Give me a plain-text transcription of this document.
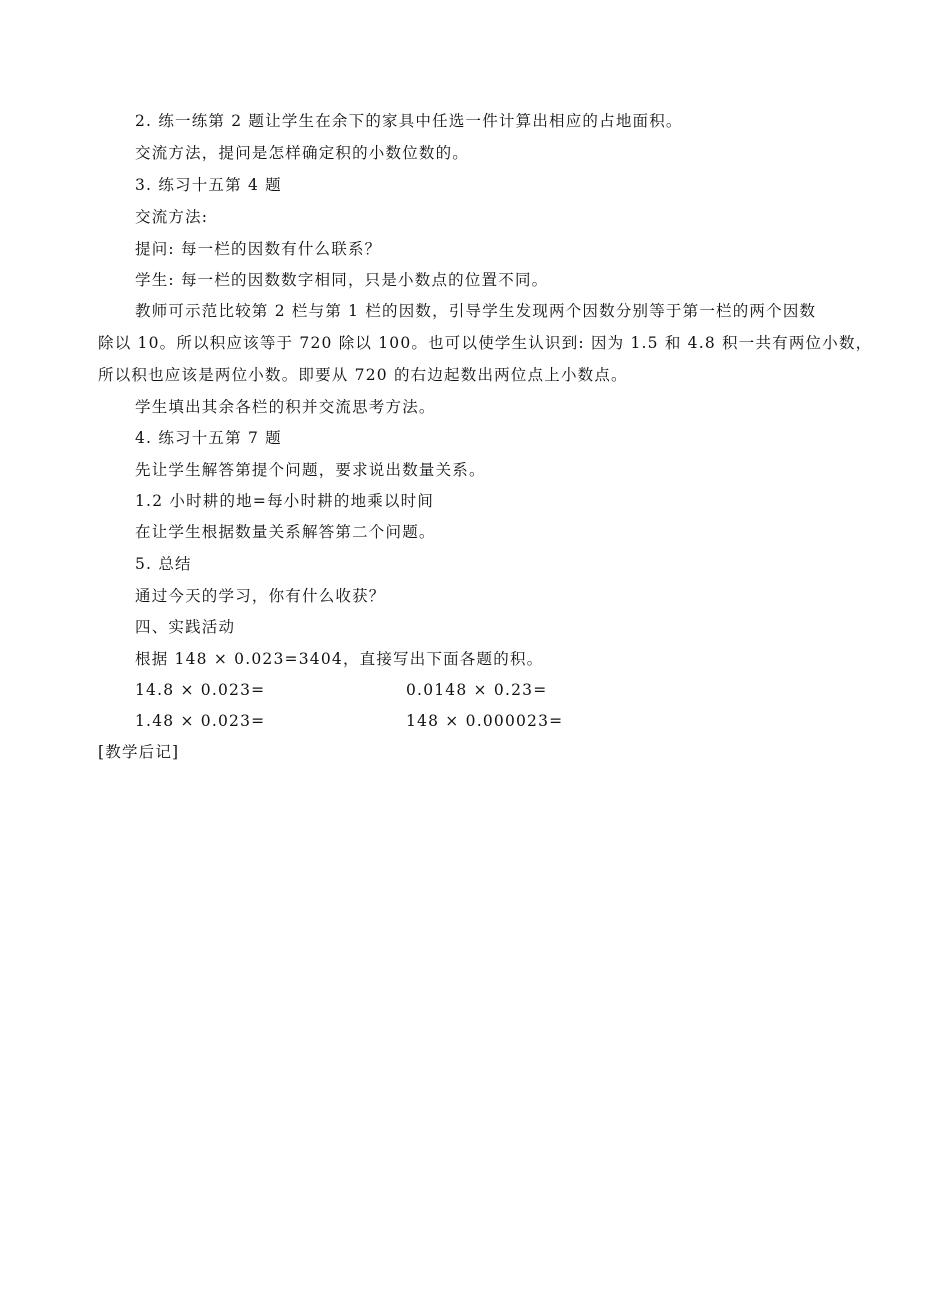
2. 练一练第 2 题让学生在余下的家具中任选一件计算出相应的占地面积。
交流方法，提问是怎样确定积的小数位数的。
3. 练习十五第 4 题
交流方法:
提问: 每一栏的因数有什么联系？
学生: 每一栏的因数数字相同，只是小数点的位置不同。
教师可示范比较第 2 栏与第 1 栏的因数，引导学生发现两个因数分别等于第一栏的两个因数
除以 10。所以积应该等于 720 除以 100。也可以使学生认识到: 因为 1.5 和 4.8 积一共有两位小数，
所以积也应该是两位小数。即要从 720 的右边起数出两位点上小数点。
学生填出其余各栏的积并交流思考方法。
4. 练习十五第 7 题
先让学生解答第提个问题，要求说出数量关系。
1.2 小时耕的地=每小时耕的地乘以时间
在让学生根据数量关系解答第二个问题。
5. 总结
通过今天的学习，你有什么收获？
四、实践活动
根据 148 × 0.023=3404，直接写出下面各题的积。
14.8 × 0.023=	0.0148 × 0.23=
1.48 × 0.023=	148 × 0.000023=
[教学后记]
